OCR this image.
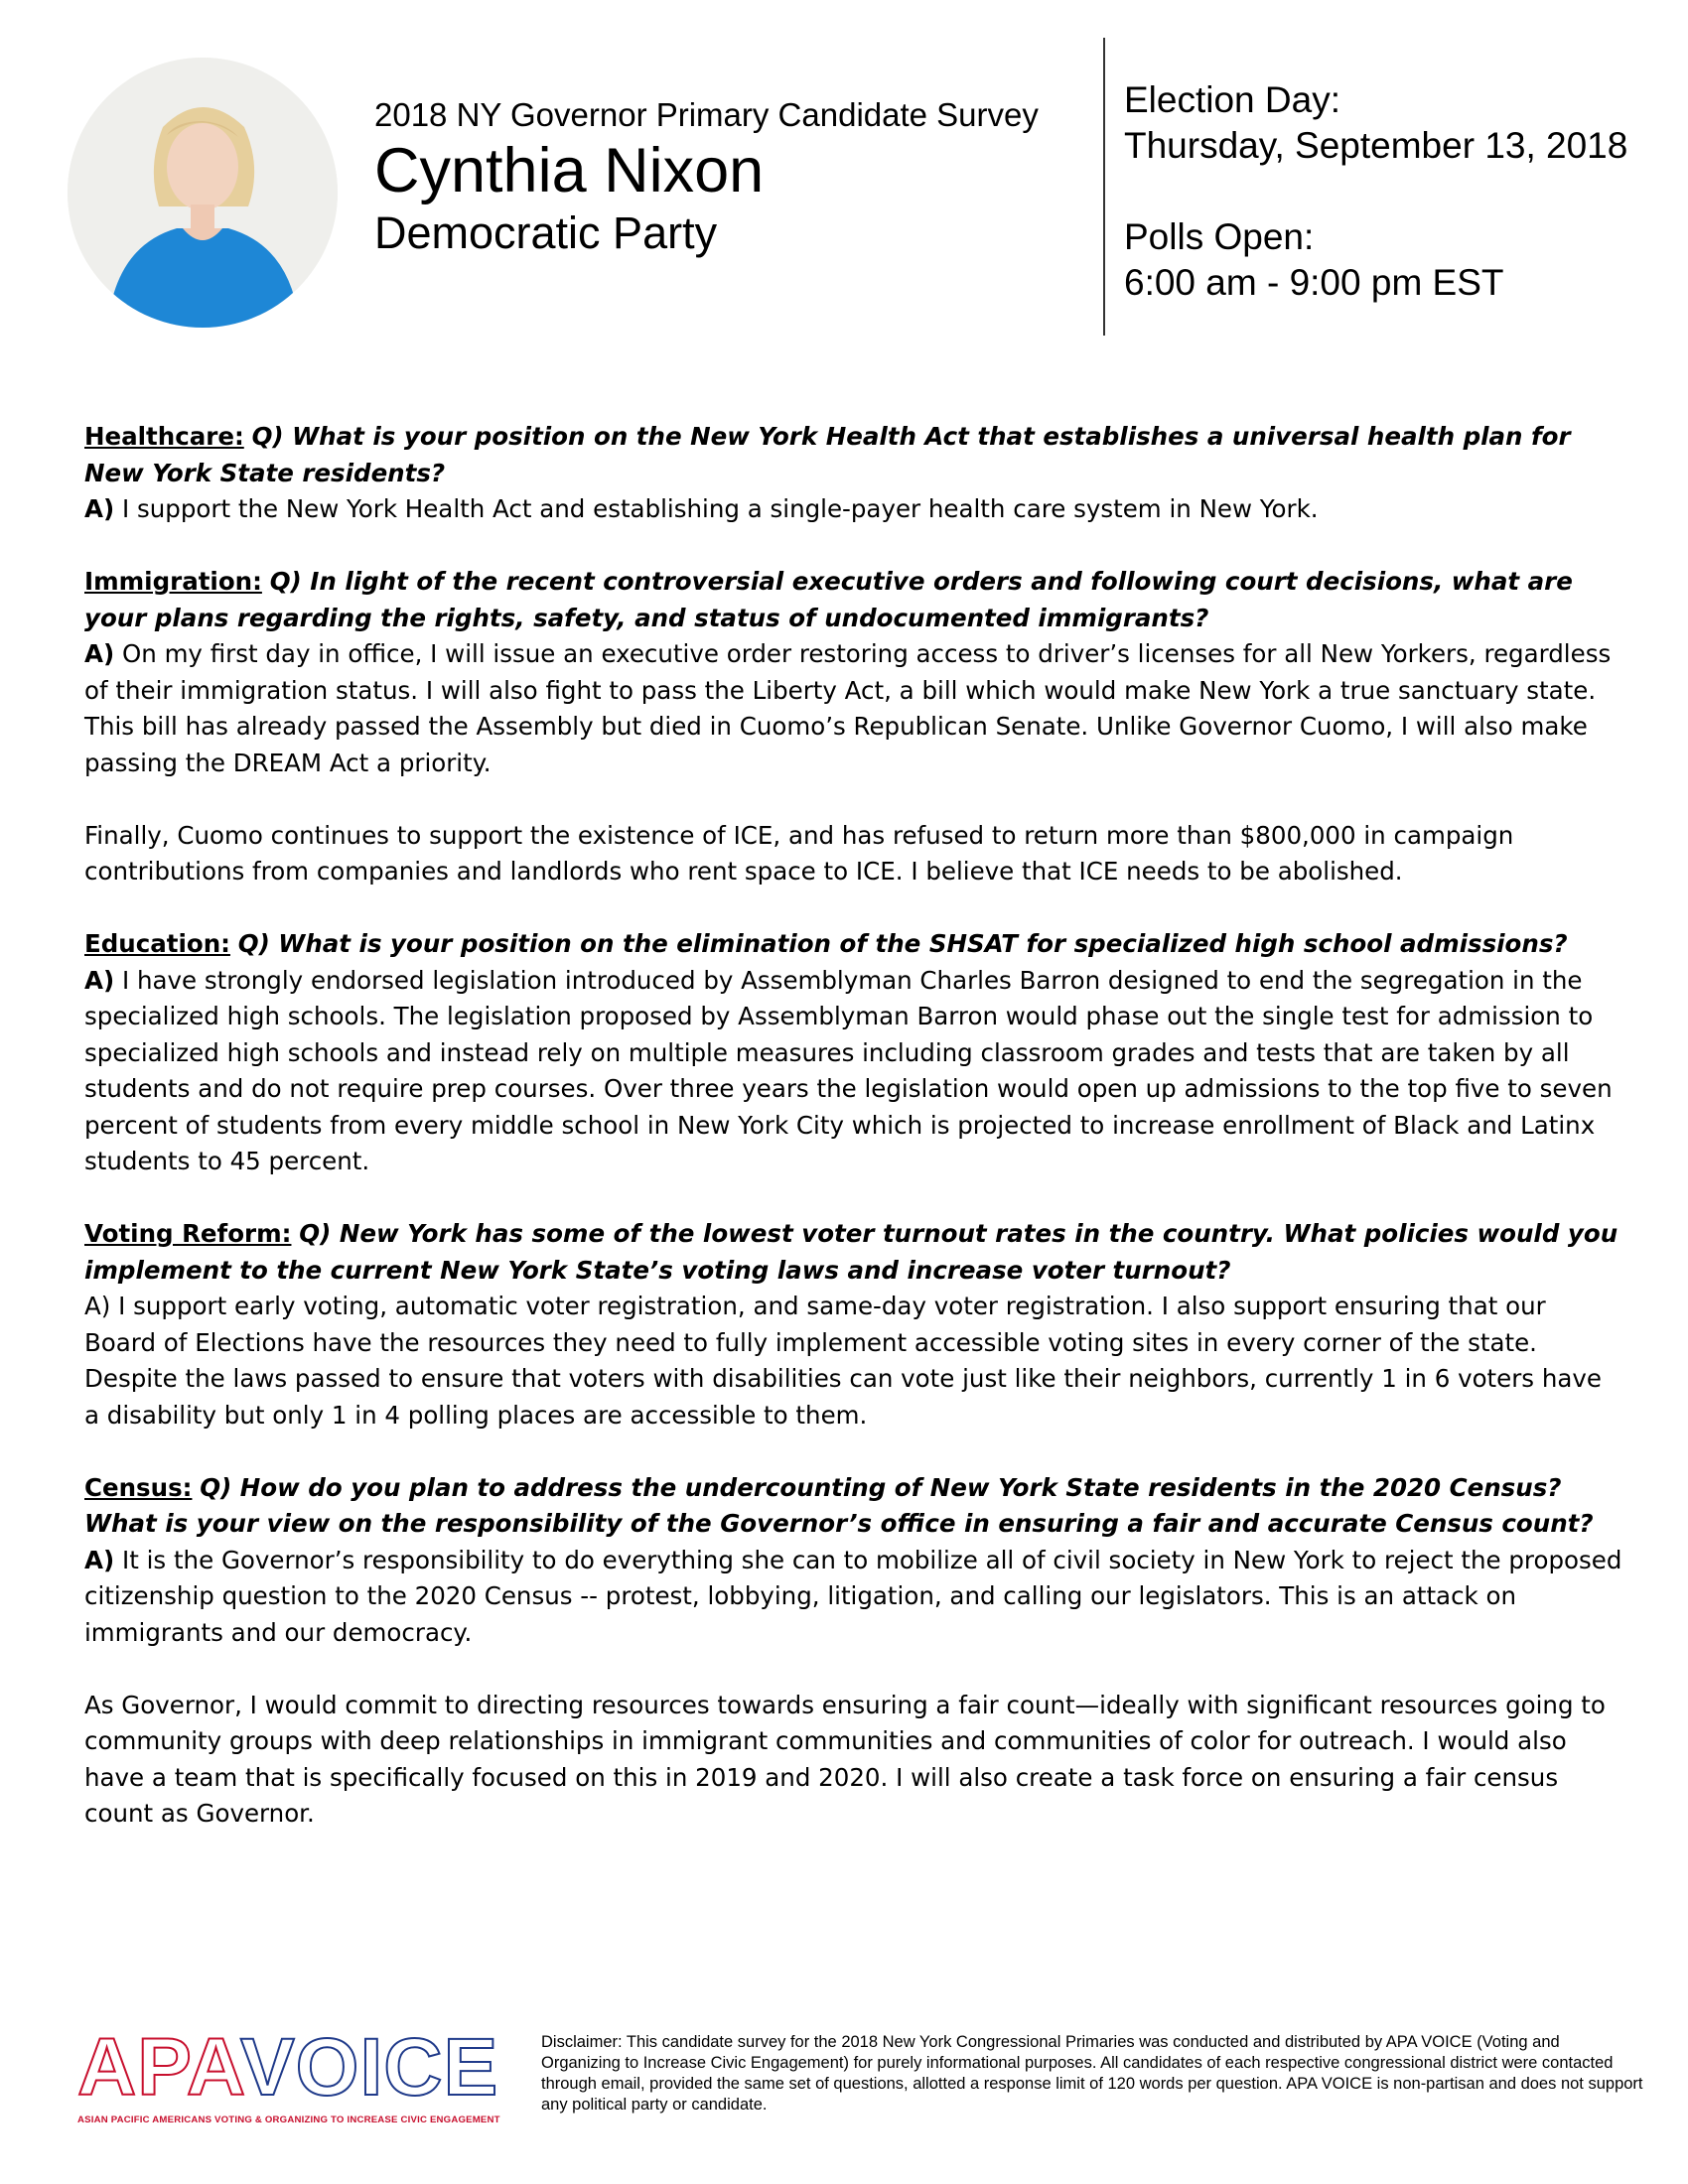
2018 NY Governor Primary Candidate Survey
Cynthia Nixon
Democratic Party
Election Day:
Thursday, September 13, 2018
Polls Open:
6:00 am - 9:00 pm EST

Healthcare: Q) What is your position on the New York Health Act that establishes a universal health plan for New York State residents?

A) I support the New York Health Act and establishing a single-payer health care system in New York.

Immigration: Q) In light of the recent controversial executive orders and following court decisions, what are your plans regarding the rights, safety, and status of undocumented immigrants?

A) On my first day in office, I will issue an executive order restoring access to driver’s licenses for all New Yorkers, regardless of their immigration status. I will also fight to pass the Liberty Act, a bill which would make New York a true sanctuary state. This bill has already passed the Assembly but died in Cuomo’s Republican Senate. Unlike Governor Cuomo, I will also make passing the DREAM Act a priority.

Finally, Cuomo continues to support the existence of ICE, and has refused to return more than $800,000 in campaign contributions from companies and landlords who rent space to ICE. I believe that ICE needs to be abolished.

Education: Q) What is your position on the elimination of the SHSAT for specialized high school admissions?

A) I have strongly endorsed legislation introduced by Assemblyman Charles Barron designed to end the segregation in the specialized high schools. The legislation proposed by Assemblyman Barron would phase out the single test for admission to specialized high schools and instead rely on multiple measures including classroom grades and tests that are taken by all students and do not require prep courses. Over three years the legislation would open up admissions to the top five to seven percent of students from every middle school in New York City which is projected to increase enrollment of Black and Latinx students to 45 percent.

Voting Reform: Q) New York has some of the lowest voter turnout rates in the country. What policies would you implement to the current New York State’s voting laws and increase voter turnout?

A) I support early voting, automatic voter registration, and same-day voter registration. I also support ensuring that our Board of Elections have the resources they need to fully implement accessible voting sites in every corner of the state. Despite the laws passed to ensure that voters with disabilities can vote just like their neighbors, currently 1 in 6 voters have a disability but only 1 in 4 polling places are accessible to them.

Census: Q) How do you plan to address the undercounting of New York State residents in the 2020 Census? What is your view on the responsibility of the Governor’s office in ensuring a fair and accurate Census count?

A) It is the Governor’s responsibility to do everything she can to mobilize all of civil society in New York to reject the proposed citizenship question to the 2020 Census -- protest, lobbying, litigation, and calling our legislators. This is an attack on immigrants and our democracy.

As Governor, I would commit to directing resources towards ensuring a fair count—ideally with significant resources going to community groups with deep relationships in immigrant communities and communities of color for outreach. I would also have a team that is specifically focused on this in 2019 and 2020. I will also create a task force on ensuring a fair census count as Governor.

APAVOICE
ASIAN PACIFIC AMERICANS VOTING & ORGANIZING TO INCREASE CIVIC ENGAGEMENT
Disclaimer: This candidate survey for the 2018 New York Congressional Primaries was conducted and distributed by APA VOICE (Voting and Organizing to Increase Civic Engagement) for purely informational purposes. All candidates of each respective congressional district were contacted through email, provided the same set of questions, allotted a response limit of 120 words per question. APA VOICE is non-partisan and does not support any political party or candidate.
